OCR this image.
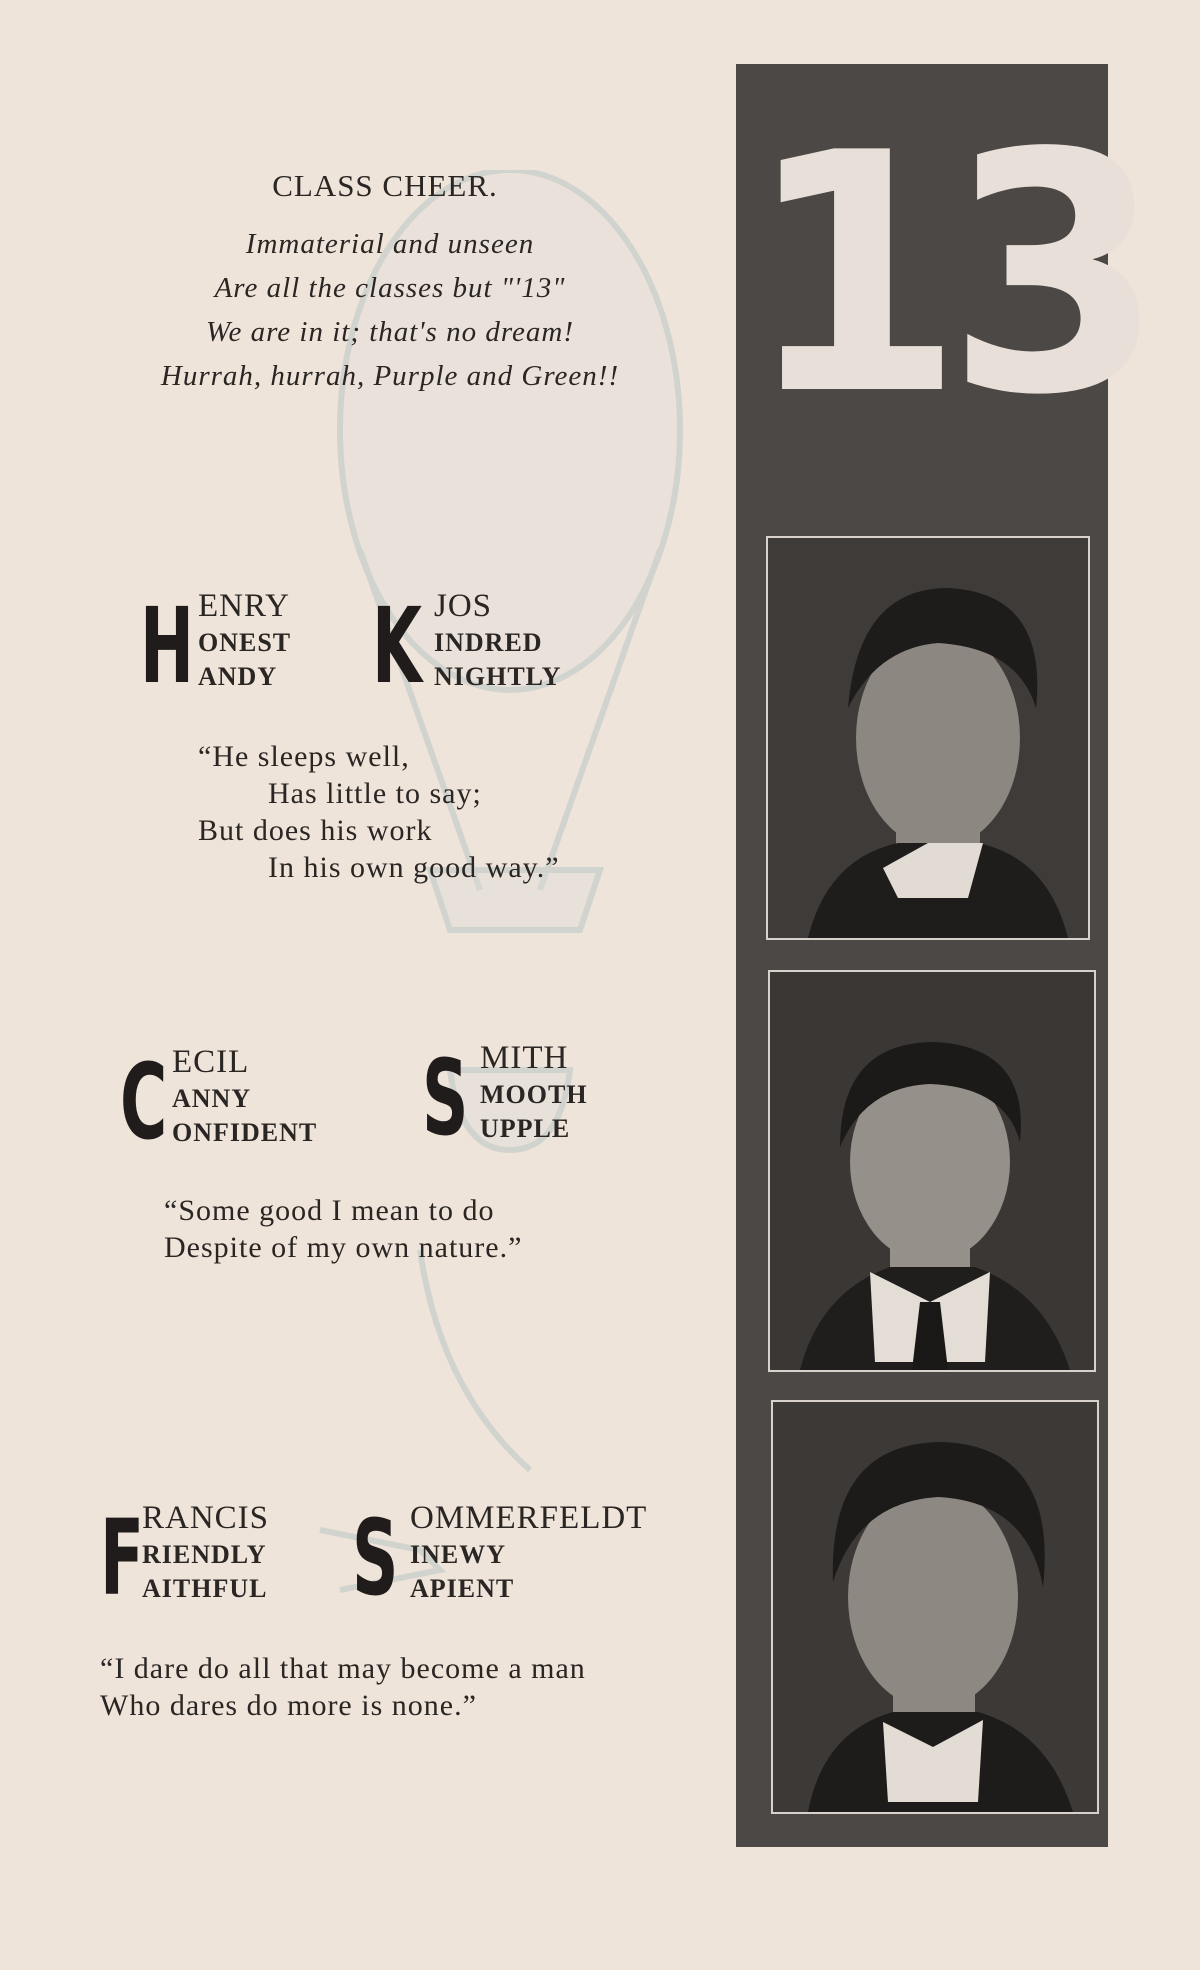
CLASS CHEER.
Immaterial and unseen
Are all the classes but "'13"
We are in it; that's no dream!
Hurrah, hurrah, Purple and Green!! 13
H ENRY
ONEST
ANDY K JOS
INDRED
NIGHTLY
“He sleeps well,
Has little to say;
But does his work
In his own good way.”
C ECIL
ANNY
ONFIDENT S MITH
MOOTH
UPPLE
“Some good I mean to do
Despite of my own nature.”
F
RANCIS
RIENDLY
AITHFUL S OMMERFELDT
INEWY
APIENT
“I dare do all that may become a man
Who dares do more is none.”
